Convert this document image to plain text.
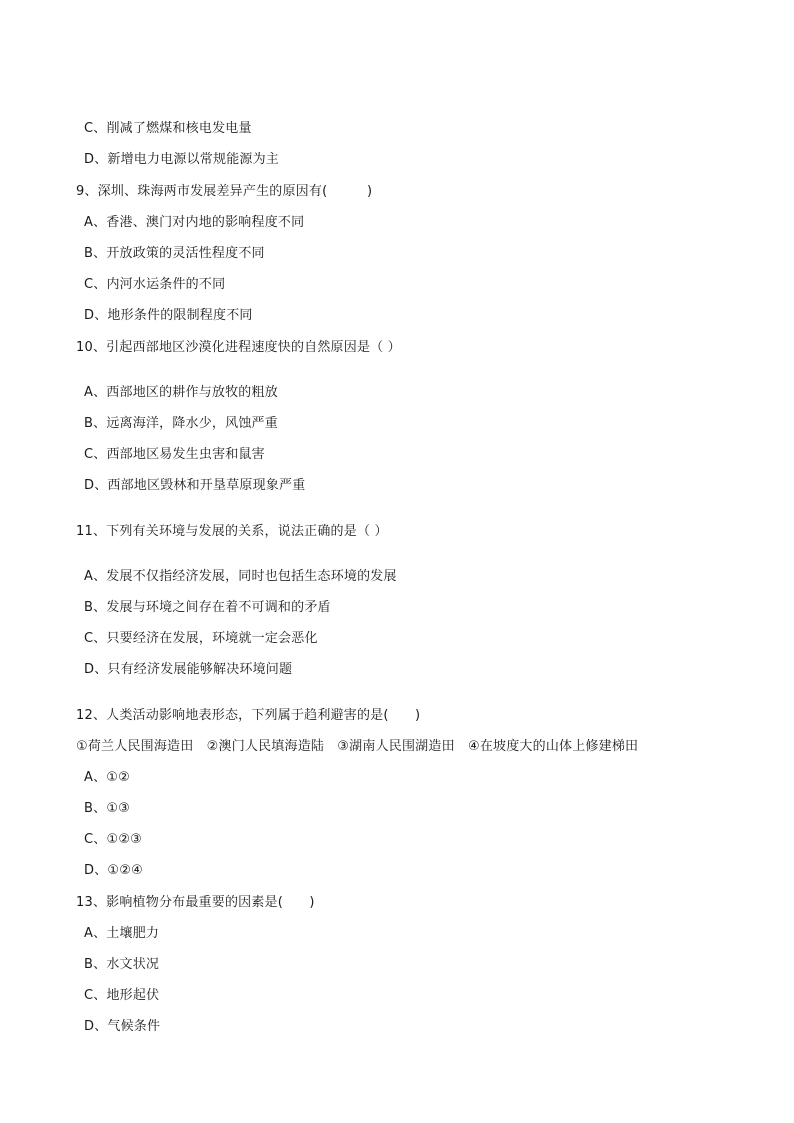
C、削减了燃煤和核电发电量
D、新增电力电源以常规能源为主
9、深圳、珠海两市发展差异产生的原因有(　　　)
A、香港、澳门对内地的影响程度不同
B、开放政策的灵活性程度不同
C、内河水运条件的不同
D、地形条件的限制程度不同
10、引起西部地区沙漠化进程速度快的自然原因是（ ）
A、西部地区的耕作与放牧的粗放
B、远离海洋，降水少，风蚀严重
C、西部地区易发生虫害和鼠害
D、西部地区毁林和开垦草原现象严重
11、下列有关环境与发展的关系，说法正确的是（ ）
A、发展不仅指经济发展，同时也包括生态环境的发展
B、发展与环境之间存在着不可调和的矛盾
C、只要经济在发展，环境就一定会恶化
D、只有经济发展能够解决环境问题
12、人类活动影响地表形态，下列属于趋利避害的是(　　)
①荷兰人民围海造田　②澳门人民填海造陆　③湖南人民围湖造田　④在坡度大的山体上修建梯田
A、①②
B、①③
C、①②③
D、①②④
13、影响植物分布最重要的因素是(　　)
A、土壤肥力
B、水文状况
C、地形起伏
D、气候条件
